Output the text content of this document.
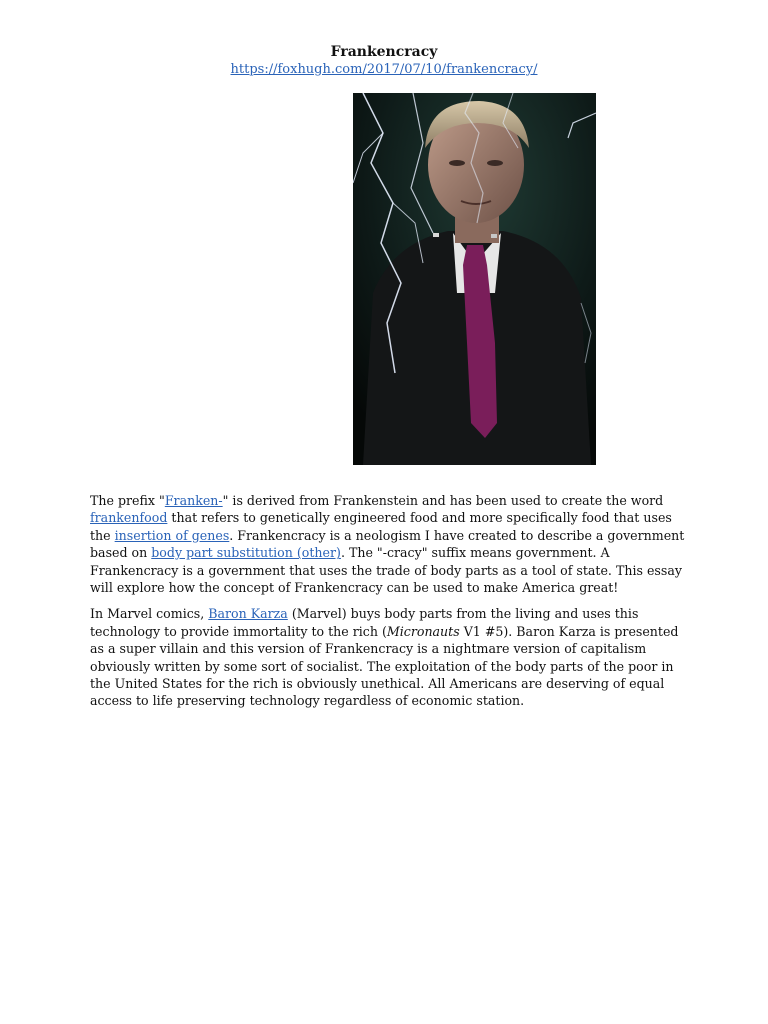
Frankencracy
https://foxhugh.com/2017/07/10/frankencracy/

The prefix "Franken-" is derived from Frankenstein and has been used to create the word frankenfood that refers to genetically engineered food and more specifically food that uses the insertion of genes. Frankencracy is a neologism I have created to describe a government based on body part substitution (other). The "-cracy" suffix means government. A Frankencracy is a government that uses the trade of body parts as a tool of state. This essay will explore how the concept of Frankencracy can be used to make America great!

In Marvel comics, Baron Karza (Marvel) buys body parts from the living and uses this technology to provide immortality to the rich (Micronauts V1 #5). Baron Karza is presented as a super villain and this version of Frankencracy is a nightmare version of capitalism obviously written by some sort of socialist. The exploitation of the body parts of the poor in the United States for the rich is obviously unethical. All Americans are deserving of equal access to life preserving technology regardless of economic station.
